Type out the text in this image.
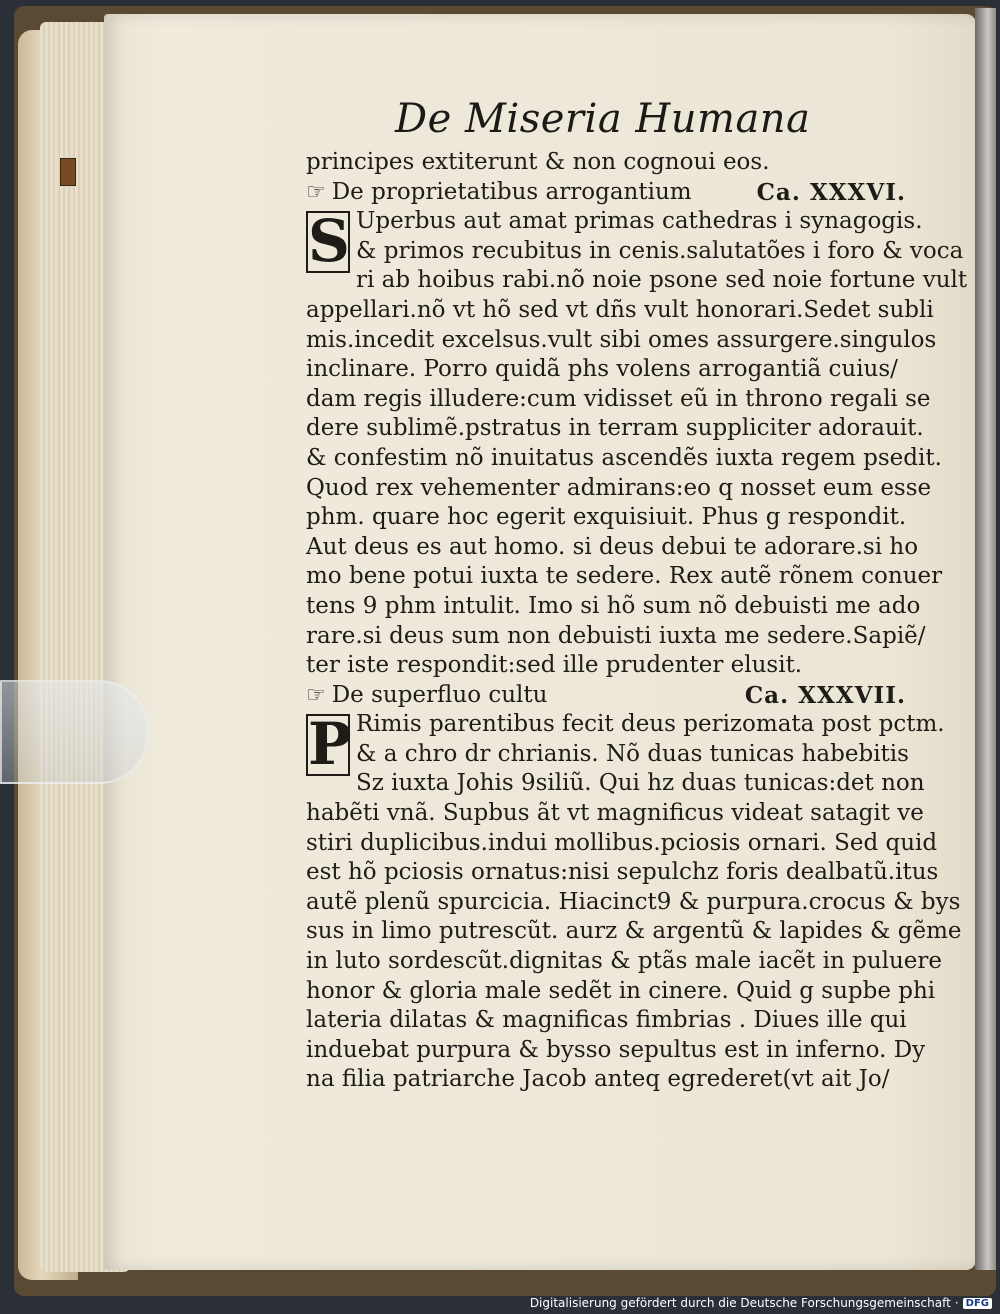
De Miseria Humana
principes extiterunt & non cognoui eos.
☞ De proprietatibus arrogantium	Ca. XXXVI.
S Uperbus aut amat primas cathedras i synagogis.
& primos recubitus in cenis.salutatões i foro & voca
ri ab hoibus rabi.nõ noie psone sed noie fortune vult
appellari.nõ vt hõ sed vt dñs vult honorari.Sedet subli
mis.incedit excelsus.vult sibi omes assurgere.singulos
inclinare. Porro quidã phs volens arrogantiã cuius/
dam regis illudere:cum vidisset eũ in throno regali se
dere sublimẽ.pstratus in terram suppliciter adorauit.
& confestim nõ inuitatus ascendẽs iuxta regem psedit.
Quod rex vehementer admirans:eo q nosset eum esse
phm. quare hoc egerit exquisiuit. Phus g respondit.
Aut deus es aut homo. si deus debui te adorare.si ho
mo bene potui iuxta te sedere. Rex autẽ rõnem conuer
tens 9 phm intulit. Imo si hõ sum nõ debuisti me ado
rare.si deus sum non debuisti iuxta me sedere.Sapiẽ/
ter iste respondit:sed ille prudenter elusit.
☞ De superfluo cultu	Ca. XXXVII.
P Rimis parentibus fecit deus perizomata post pctm.
& a chro dr chrianis. Nõ duas tunicas habebitis
Sz iuxta Johis 9siliũ. Qui hz duas tunicas:det non
habẽti vnã. Supbus ãt vt magnificus videat satagit ve
stiri duplicibus.indui mollibus.pciosis ornari. Sed quid
est hõ pciosis ornatus:nisi sepulchz foris dealbatũ.itus
autẽ plenũ spurcicia. Hiacinct9 & purpura.crocus & bys
sus in limo putrescũt. aurz & argentũ & lapides & gẽme
in luto sordescũt.dignitas & ptãs male iacẽt in puluere
honor & gloria male sedẽt in cinere. Quid g supbe phi
lateria dilatas & magnificas fimbrias . Diues ille qui
induebat purpura & bysso sepultus est in inferno. Dy
na filia patriarche Jacob anteq egrederet(vt ait Jo/
Digitalisierung gefördert durch die Deutsche Forschungsgemeinschaft · DFG
